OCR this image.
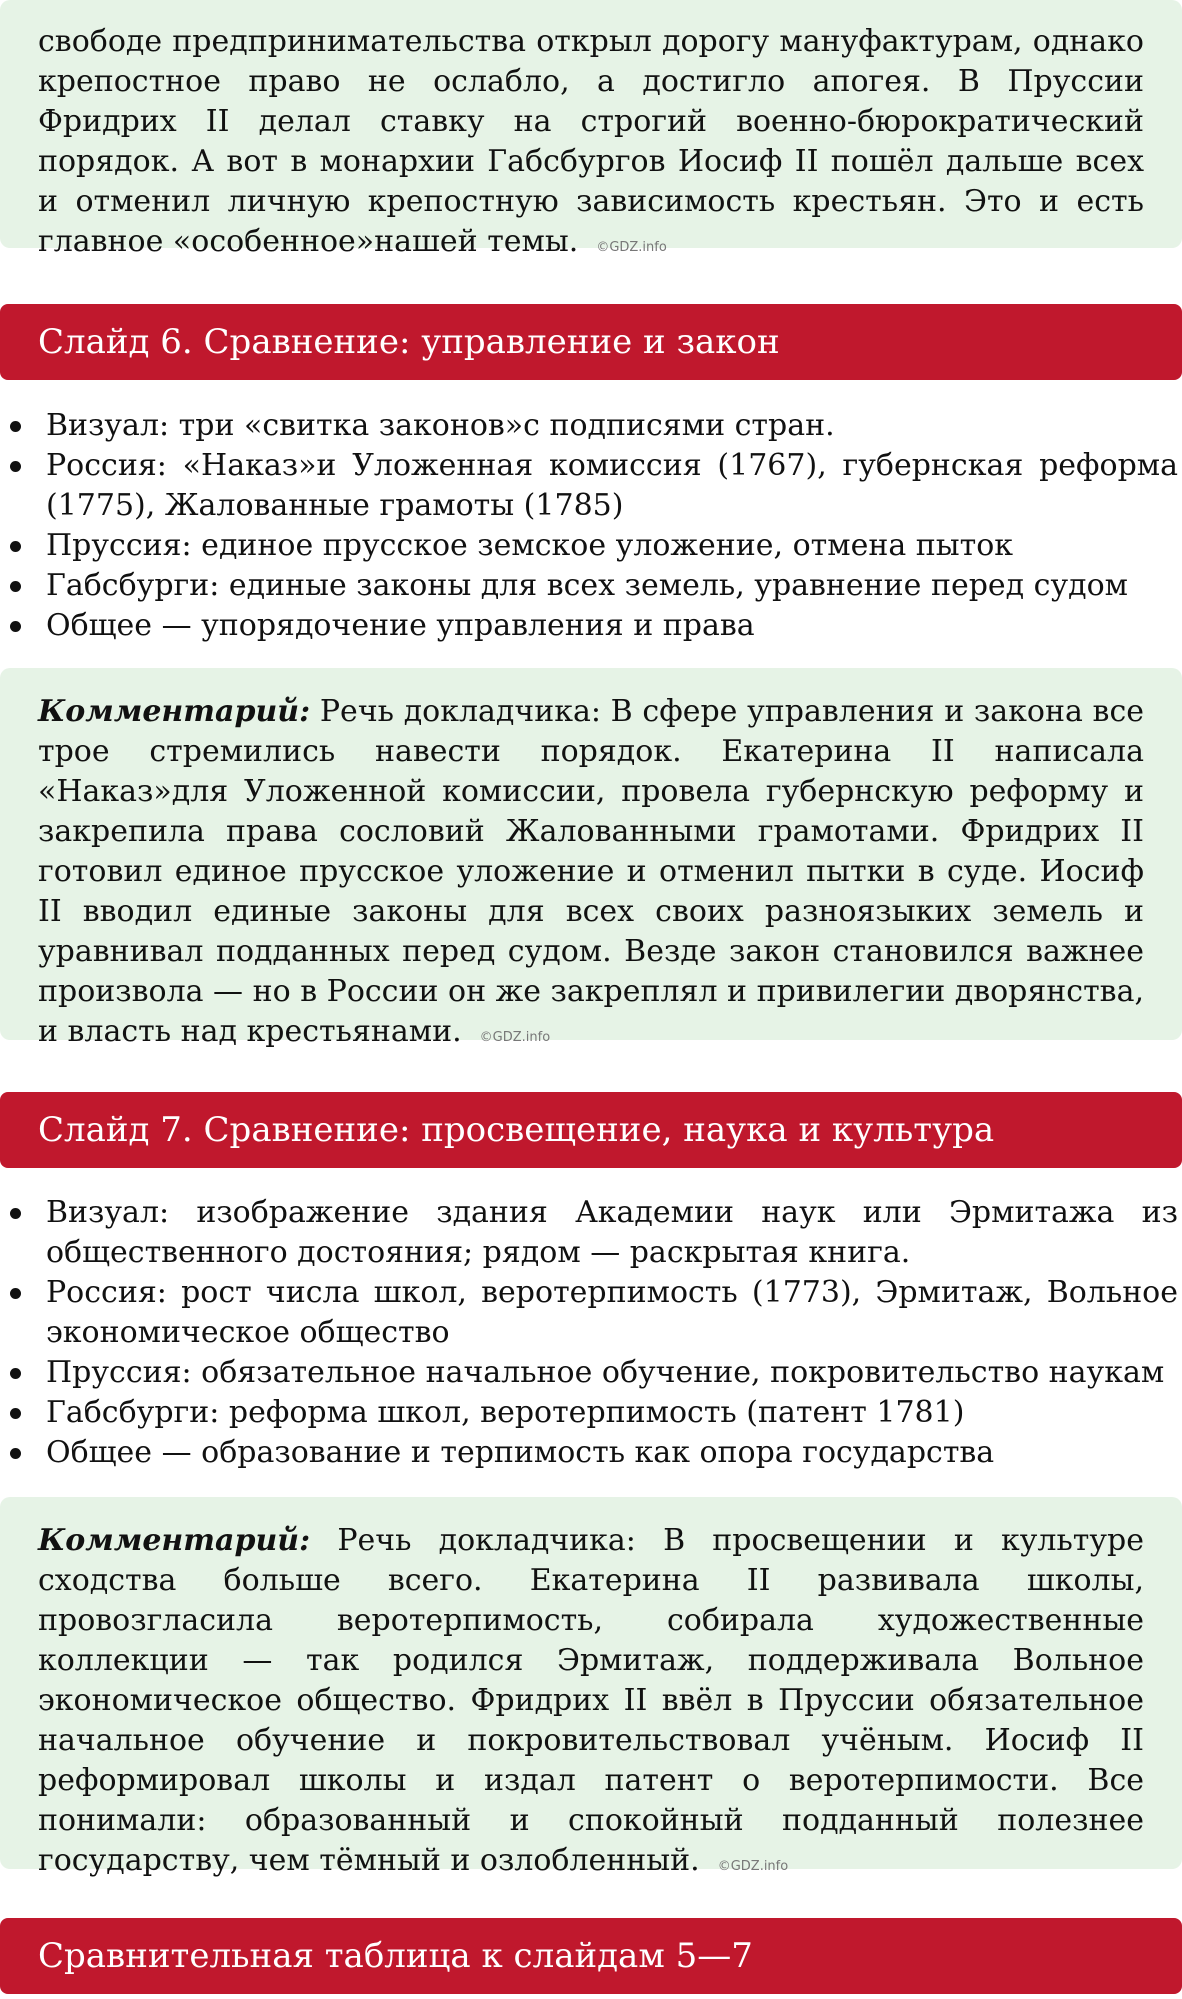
свободе предпринимательства открыл дорогу мануфактурам, однако крепостное право не ослабло, а достигло апогея. В Пруссии Фридрих II делал ставку на строгий военно-бюрократический порядок. А вот в монархии Габсбургов Иосиф II пошёл дальше всех и отменил личную крепостную зависимость крестьян. Это и есть главное «особенное»нашей темы. ©GDZ.info

Слайд 6. Сравнение: управление и закон
Визуал: три «свитка законов»с подписями стран.
Россия: «Наказ»и Уложенная комиссия (1767), губернская реформа (1775), Жалованные грамоты (1785)
Пруссия: единое прусское земское уложение, отмена пыток
Габсбурги: единые законы для всех земель, уравнение перед судом
Общее — упорядочение управления и права

Комментарий: Речь докладчика: В сфере управления и закона все трое стремились навести порядок. Екатерина II написала «Наказ»для Уложенной комиссии, провела губернскую реформу и закрепила права сословий Жалованными грамотами. Фридрих II готовил единое прусское уложение и отменил пытки в суде. Иосиф II вводил единые законы для всех своих разноязыких земель и уравнивал подданных перед судом. Везде закон становился важнее произвола — но в России он же закреплял и привилегии дворянства, и власть над крестьянами. ©GDZ.info

Слайд 7. Сравнение: просвещение, наука и культура
Визуал: изображение здания Академии наук или Эрмитажа из общественного достояния; рядом — раскрытая книга.
Россия: рост числа школ, веротерпимость (1773), Эрмитаж, Вольное экономическое общество
Пруссия: обязательное начальное обучение, покровительство наукам
Габсбурги: реформа школ, веротерпимость (патент 1781)
Общее — образование и терпимость как опора государства

Комментарий: Речь докладчика: В просвещении и культуре сходства больше всего. Екатерина II развивала школы, провозгласила веротерпимость, собирала художественные коллекции — так родился Эрмитаж, поддерживала Вольное экономическое общество. Фридрих II ввёл в Пруссии обязательное начальное обучение и покровительствовал учёным. Иосиф II реформировал школы и издал патент о веротерпимости. Все понимали: образованный и спокойный подданный полезнее государству, чем тёмный и озлобленный. ©GDZ.info

Сравнительная таблица к слайдам 5—7
